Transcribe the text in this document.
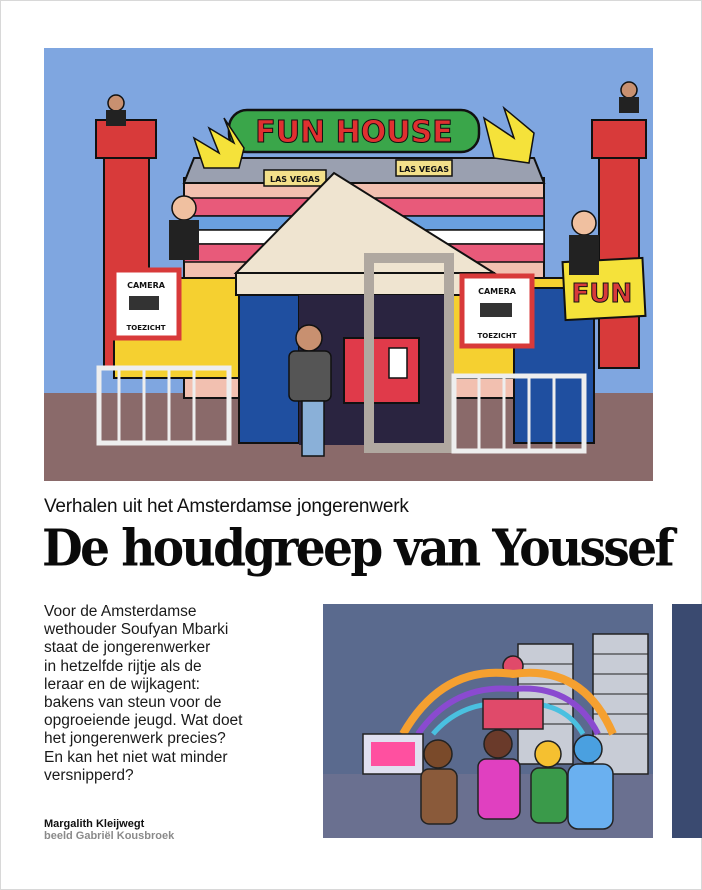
FUN HOUSE
LAS VEGAS
LAS VEGAS
CAMERA
TOEZICHT
CAMERA
TOEZICHT
FUN
Verhalen uit het Amsterdamse jongerenwerk
De houdgreep van Youssef
Voor de Amsterdamse
wethouder Soufyan Mbarki
staat de jongerenwerker
in hetzelfde rijtje als de
leraar en de wijkagent:
bakens van steun voor de
opgroeiende jeugd. Wat doet
het jongerenwerk precies?
En kan het niet wat minder
versnipperd?
Margalith Kleijwegt
beeld Gabriël Kousbroek
